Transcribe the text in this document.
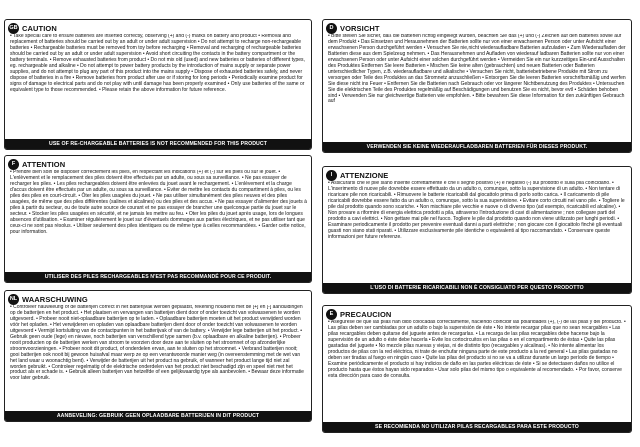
GB CAUTION
• Take special care to ensure batteries are inserted correctly, observing (+) and (-) marks on battery and product • Removal and replacement of batteries should be carried out by an adult or under adult supervision • Do not attempt to recharge non-rechargeable batteries • Rechargeable batteries must be removed from toy before recharging • Removal and recharging of rechargeable batteries should be carried out by an adult or under adult supervision • Avoid short circuiting the contacts in the battery compartment or the battery terminals. • Remove exhausted batteries from product • Do not mix old (used) and new batteries or batteries of different types, eg. rechargeable and alkaline • Do not attempt to power battery products by the introduction of mains supply or separate power supplies, and do not attempt to plug any part of this product into the mains supply • Dispose of exhausted batteries safely, and never dispose of batteries in a fire • Remove batteries from product after use or if storing for long periods • Periodically examine product for signs of damage to electrical parts and do not play with until damage has been properly examined • Only use batteries of the same or equivalent type to those recommended. • Please retain the above information for future reference.
USE OF RE-CHARGEABLE BATTERIES IS NOT RECOMMENDED FOR THIS PRODUCT
D VORSICHT
• Bitte stellen Sie sicher, daß die Batterien richtig eingelegt wurden, beachten Sie das (+) und (-) Zeichen auf den Batteries sowie auf dem Produkt • Das Einsetzen und Herausnehmen der Batterien sollte nur von einer erwachsenen Person oder unter Aufsicht einer erwachsenen Person durchgeführt werden • Versuchen Sie nie,nicht wiederaufladbare Batterien aufzuladen • Zum Wiederaufladen der Batterien diese aus dem Spielzeug nehmen. • Das Herausnehmen und Aufladen von wiederauf ladbaren Batterien sollte nur von einer erwachsenen Person oder unter Aufsicht einer solchen durchgeführt werden • Vermeiden Sie ein nur kurzzeitiges Ein-und Ausschalten des Produktes Entfernen Sie leere Batterien • Mischen Sie keine alten (gebrauchten) und neuen Batterien oder Batterien unterschiedlicher Typen, z.B. wiederaufladbare und alkalische • Versuchen Sie nicht, batteriebetriebene Produkte mit Strom zu versorgen oder Teile des Produktes an das Stromnetz anzuschließen • Entsorgen Sie die leeren Batterien vorschriftsmäßig und werfen Sie diese nicht ins Feuer • Entfernen Sie die Batterien nach Gebrauch oder vor längerer Nichtbenutzung des Produktes • Untersuchen Sie die elektrischen Teile des Produktes regelmäßig auf Beschädigungen und benutzen Sie es nicht, bevor evtl • Schäden behoben sind • Verwenden Sie nur gleichwertige Batterien wie empfohlen. • Bitte bewahren Sie diese Information für den zukünftigen Gebrauch auf
VERWENDEN SIE KEINE WIEDERAUFLADBAREN BATTERIEN FÜR DIESES PRODUKT.
F ATTENTION
• Prendre bien soin de disposer correctement les piles, en respectant les indications (+) et (-) sur les piles ou sur le jouet. • L'enlèvement et le remplacement des piles doivent être effectués par un adulte, ou sous sa surveillance. • Ne pas essayer de recharger les piles. • Les piles rechargeables doivent être enlevées du jouet avant le rechargement. • L'enlèvement et la charge d'accus doivent être effectués par un adulte, ou sous sa surveillance. • Eviter de mettre les contacts du compartiment à piles, ou les piles des piles en court-circuit. • Ôter les piles usagées du jouet. • Ne pas utiliser simultanément des piles neuves et des piles usagées, de même que des piles différentes (salines et alcalines) ou des piles et des accus. • Ne pas essayer d'alimenter des jouets à piles à partir du secteur, ou de toute autre source de courant et ne pas essayer de brancher une quelconque partie du jouet sur le secteur. • Stocker les piles usagées en sécurité, et ne jamais les mettre au feu. • Oter les piles du jouet après usage, lors de longues absences d'utilisation. • Examiner régulièrement le jouet sur d'éventuels dommages aux parties électriques, et ne pas utiliser tant que ceux-ci ne sont pas résolus. • Utiliser seulement des piles identiques ou de même type à celles recommandées. • Garder cette notice, pour information.
UTILISER DES PILES RECHARGEABLES N'EST PAS RECOMMANDÉ POUR CE PRODUIT.
I	ATTENZIONE
• Assicurarsi che le pile siano inserite correttamente e che il segno positivo (+) e negativo (-) sul prodotto e sulla pila coincidano. • L'inserimento di nuove pile dovrebbe essere effettuato da un adulto o, comunque, sotto la supervisione di un adulto. • Non tentare di ricaricare pile non ricaricabili. • Rimuovere le batterie ricaricabili dal giocattolo prima di porlo sotto carica. • Il caricamento di pile ricaricabili dovrebbe essere fatto da un adulto o, comunque, sotto la sua supervisione. • Evitare corto circuiti nel vano pile. • Togliere le pile dal prodotto quando sono scariche. • Non mischiare pile vecchie e nuove o di diverso tipo (ad esempio, ricaricabili ed alcaline). • Non provare a riformire di energia elettrica prodotti a pila, attraverso l'introduzione di cavi di alimentazione ; non collegare parti del prodotto a cavi elettrici. • Non gettare mai pile nel fuoco. Togliere le pile dal prodotto quando non viene utilizzato per lunghi periodi. • Esaminare periodicamente il prodotto per prevenire eventuali danni a parti elettriche ; non giocare con il giocattolo finchè gli eventuali guasti non siano stati riparati. • Utilizzare esclusivamente pile identiche o equivalenti al tipo raccomandato. • Conservare queste informazioni per future referenze.
L'USO DI BATTERIE RICARICABILI NON È CONSIGLIATO PER QUESTO PRODOTTO
NL WAARSCHUWING
• Controleer nauwkeurig of de batterijen correct in het batterijvak werden geplaatst, rekening houdend met de [+] en [-] aanduidingen op de batterijen en het product. • Het plaatsen en vervangen van batterijen dient door of onder toezicht van volwassenen te worden uitgevoerd. • Probeer nooit niet-oplaadbare batterijen op te laden. • Oplaadbare batterijen moeten uit het product verwijderd worden vóór het opladen. • Het verwijderen en opladen van oplaadbare batterijen dient door of onder toezicht van volwassenen te worden uitgevoerd • Vermijd kortsluiting van de contactpunten in het batterijvak of van de battery. • Verwijder lege batterijen uit het product. • Gebruik geen oude (lege) en nieuwe, noch batterijen van verschillend type samen (b.v. oplaadbare en alkaline batterijen). • Probeer nooit producten op de batterijen werken van stroom te voorzien door deze aan te sluiten op het stroomnet of op afzonderlijke stroomvoorzieningen. • Probeer nooit dit product, of onderdelen ervan, aan te sluiten op het stroomnet. • Verbrand batterijen nooit; gooi batterijen ook nooit bij gewoon huisafval maar werp ze op een verantwoorde manier weg (in overeenstemming met de wet van het land waar u woonachtig bent). • Verwijder de batterijen uit het product na gebruik, of wanneer het product lange tijd niet zal worden gebruikt. • Controleer regelmatig of de elektrische onderdelen van het product niet beschadigd zijn en speel niet met het product als er schade is. • Gebruik alleen batterijen van hetzelfde of een gelijkwaardig type als aanbevolen. • Bewaar deze informatie voor later gebruik.
AANBEVELING: GEBRUIK GEEN OPLAADBARE BATTERIJEN IN DIT PRODUCT
E PRECAUCION
• Asegúrese de que las pilas han dido colocadas correctamente, haciendo coincidir las polaridades (+), (-) de las pilas y del producto. • Las pilas deben ser cambiadas por un adulto o bajo la supervisión de éste • No intente recargar pilas que no sean recargables • Las pilas recargables deben quitarse del juguete antes de recargarlas. • La recarga de las pilas recargables debe hacerse bajo la supervisión de un adulto o éste debe hacerla • Evite los cortocircuitos en las pilas o en el compartimento de éstas • Quite las pilas gastadas del juguete • No mezcle pilas nuevas y viejas, ni de distinto tipo (recargables y alcalinas). • No intente alimentar los productos de pilas con la red eléctrica, ni trate de enchufar ninguna parte de este producto a la red general • Las pilas gastadas no deben ser tiradas al fuego en ningún caso • Quite las pilas del producto si no se va a utilizar durante un largo período de tiempo • Examine periódicamente el producto si hay indicios de daño en las partes eléctricas de éste • Si se detectasen daños no utilice el producto hasta que éstos hayan sido reparados • Usar solo pilas del mismo tipo o equivalente al recomendado. • Por favor, conserve esta dirección para caso de consulta.
SE RECOMIENDA NO UTILIZAR PILAS RECARGABLES PARA ESTE PRODUCTO
